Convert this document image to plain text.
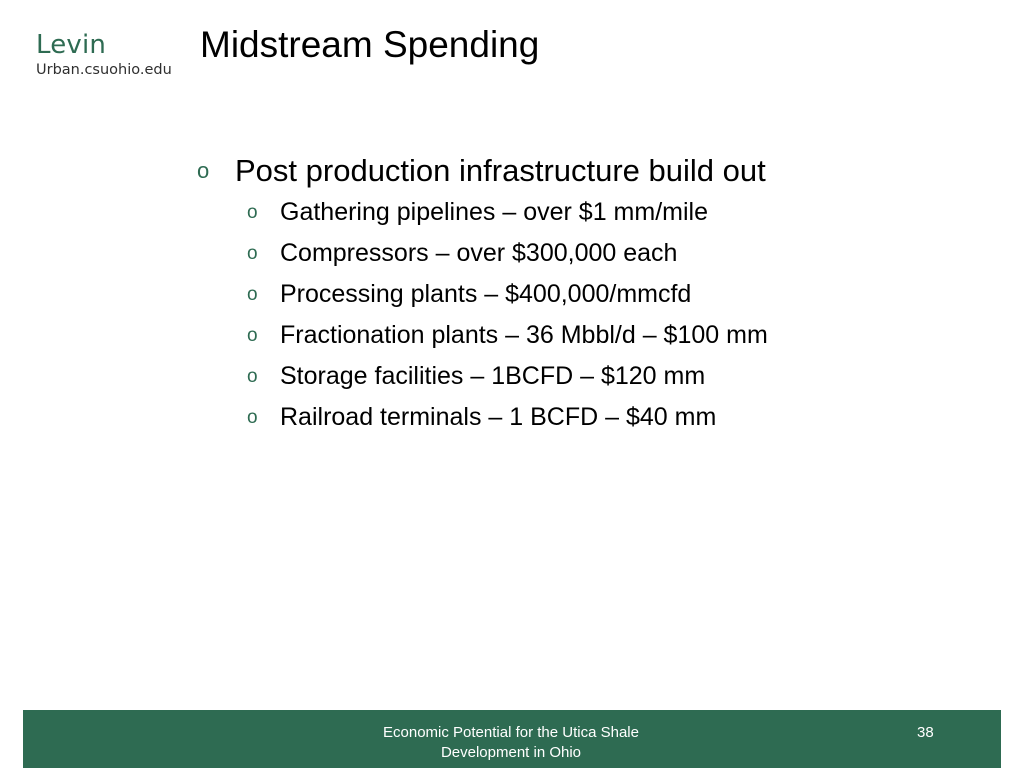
Levin
Urban.csuohio.edu
Midstream Spending
o Post production infrastructure build out
o Gathering pipelines – over $1 mm/mile
o Compressors – over $300,000 each
o Processing plants – $400,000/mmcfd
o Fractionation plants – 36 Mbbl/d – $100 mm
o Storage facilities – 1BCFD – $120 mm
o Railroad terminals – 1 BCFD – $40 mm
Economic Potential for the Utica Shale Development in Ohio
38
